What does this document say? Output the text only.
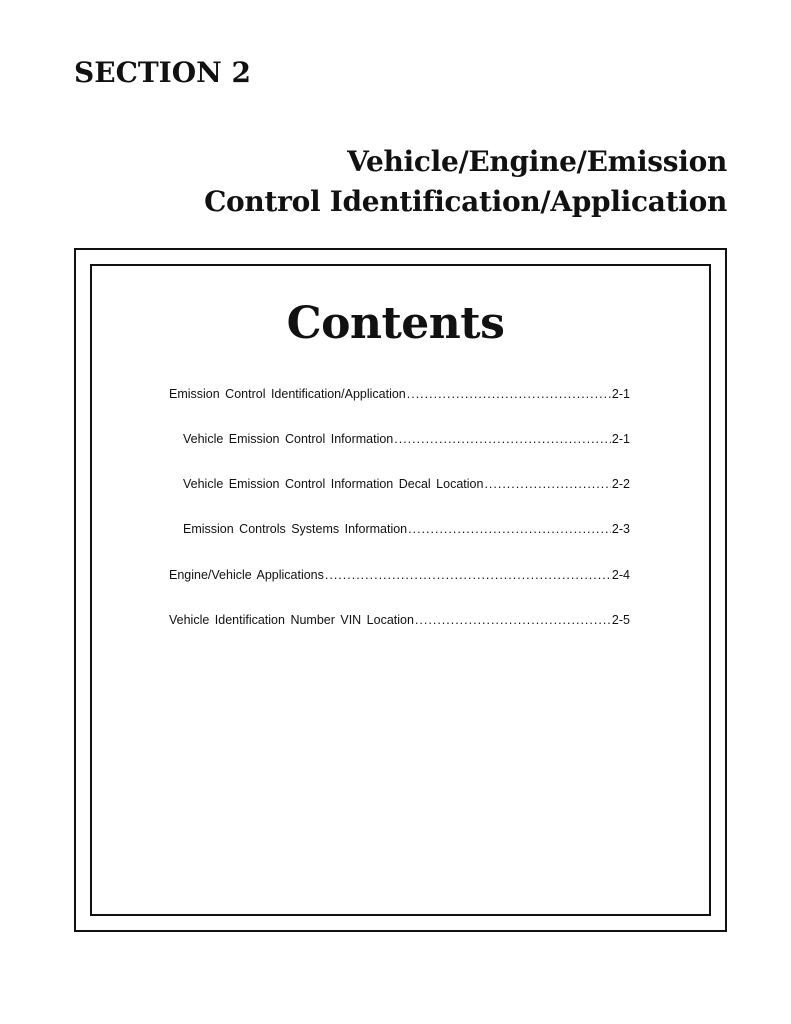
SECTION 2
Vehicle/Engine/Emission
Control Identification/Application
Contents
Emission Control Identification/Application .....	2-1
Vehicle Emission Control Information .....	2-1
Vehicle Emission Control Information Decal Location .....	2-2
Emission Controls Systems Information .....	2-3
Engine/Vehicle Applications .....	2-4
Vehicle Identification Number VIN Location .....	2-5
